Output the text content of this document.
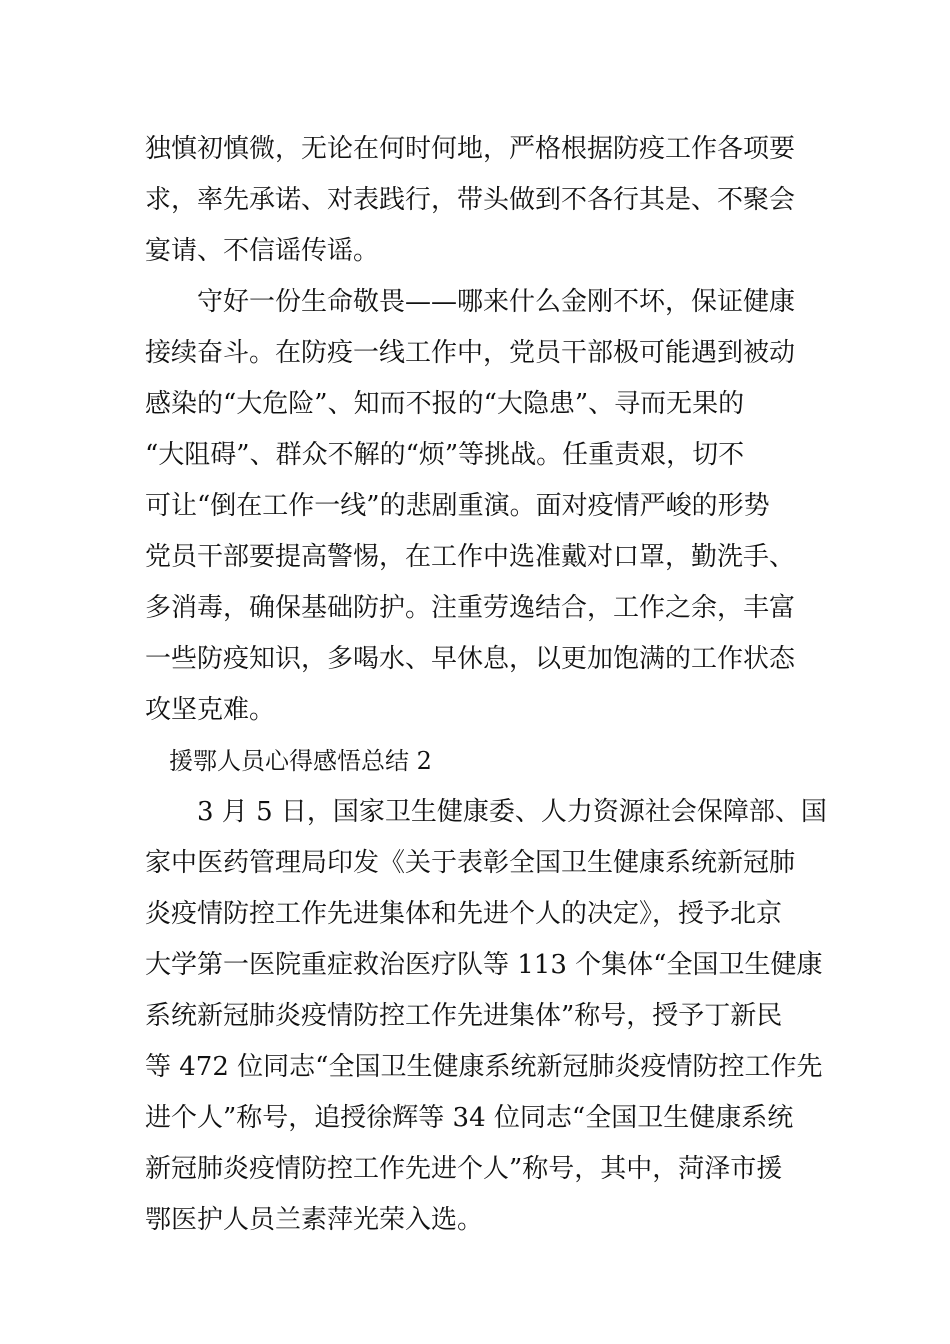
独慎初慎微，无论在何时何地，严格根据防疫工作各项要
求，率先承诺、对表践行，带头做到不各行其是、不聚会
宴请、不信谣传谣。
守好一份生命敬畏——哪来什么金刚不坏，保证健康
接续奋斗。在防疫一线工作中，党员干部极可能遇到被动
感染的“大危险”、知而不报的“大隐患”、寻而无果的
“大阻碍”、群众不解的“烦”等挑战。任重责艰，切不
可让“倒在工作一线”的悲剧重演。面对疫情严峻的形势
党员干部要提高警惕，在工作中选准戴对口罩，勤洗手、
多消毒，确保基础防护。注重劳逸结合，工作之余，丰富
一些防疫知识，多喝水、早休息，以更加饱满的工作状态
攻坚克难。
援鄂人员心得感悟总结 2
3 月 5 日，国家卫生健康委、人力资源社会保障部、国
家中医药管理局印发《关于表彰全国卫生健康系统新冠肺
炎疫情防控工作先进集体和先进个人的决定》，授予北京
大学第一医院重症救治医疗队等 113 个集体“全国卫生健康
系统新冠肺炎疫情防控工作先进集体”称号，授予丁新民
等 472 位同志“全国卫生健康系统新冠肺炎疫情防控工作先
进个人”称号，追授徐辉等 34 位同志“全国卫生健康系统
新冠肺炎疫情防控工作先进个人”称号，其中，菏泽市援
鄂医护人员兰素萍光荣入选。
